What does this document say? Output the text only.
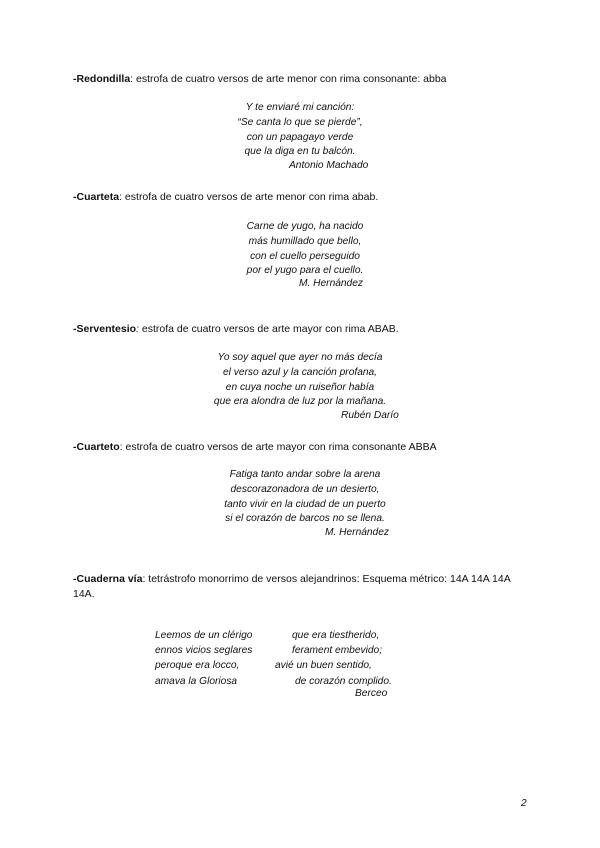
-Redondilla: estrofa de cuatro versos de arte menor con rima consonante: abba
Y te enviaré mi canción:
“Se canta lo que se pierde”,
con un papagayo verde
que la diga en tu balcón.
Antonio Machado
-Cuarteta: estrofa de cuatro versos de arte menor con rima abab.
Carne de yugo, ha nacido
más humillado que bello,
con el cuello perseguido
por el yugo para el cuello.
M. Hernández
-Serventesio: estrofa de cuatro versos de arte mayor con rima ABAB.
Yo soy aquel que ayer no más decía
el verso azul y la canción profana,
en cuya noche un ruiseñor había
que era alondra de luz por la mañana.
Rubén Darío
-Cuarteto: estrofa de cuatro versos de arte mayor con rima consonante ABBA
Fatiga tanto andar sobre la arena
descorazonadora de un desierto,
tanto vivir en la ciudad de un puerto
si el corazón de barcos no se llena.
M. Hernández
-Cuaderna vía: tetrástrofo monorrimo de versos alejandrinos: Esquema métrico: 14A 14A 14A 14A.
Leemos de un clérigo	que era tiestherido,
ennos vicios seglares	ferament embevido;
peroque era locco,	avié un buen sentido,
amava la Gloriosa	de corazón complido.
Berceo
2
